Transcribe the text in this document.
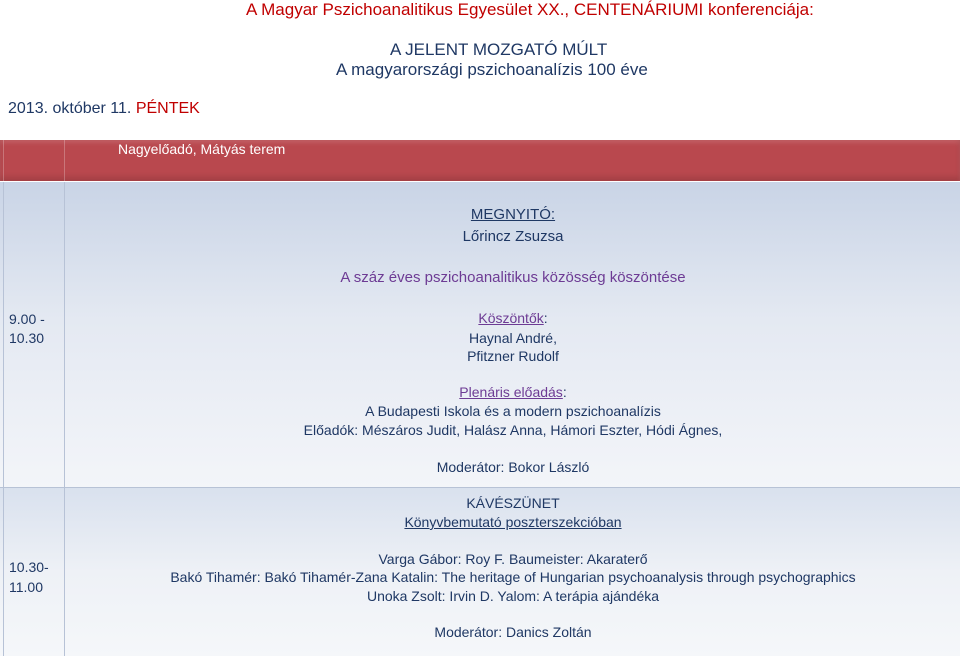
A Magyar Pszichoanalitikus Egyesület XX., CENTENÁRIUMI konferenciája:
A JELENT MOZGATÓ MÚLT
A magyarországi pszichoanalízis 100 éve
2013. október 11. PÉNTEK
Nagyelőadó, Mátyás terem
9.00 -
10.30
MEGNYITÓ:
Lőrincz Zsuzsa
A száz éves pszichoanalitikus közösség köszöntése
Köszöntők:
Haynal André,
Pfitzner Rudolf
Plenáris előadás:
A Budapesti Iskola és a modern pszichoanalízis
Előadók: Mészáros Judit, Halász Anna, Hámori Eszter, Hódi Ágnes,
Moderátor: Bokor László
10.30-
11.00
KÁVÉSZÜNET
Könyvbemutató poszterszekcióban
Varga Gábor: Roy F. Baumeister: Akaraterő
Bakó Tihamér: Bakó Tihamér-Zana Katalin: The heritage of Hungarian psychoanalysis through psychographics
Unoka Zsolt: Irvin D. Yalom: A terápia ajándéka
Moderátor: Danics Zoltán
